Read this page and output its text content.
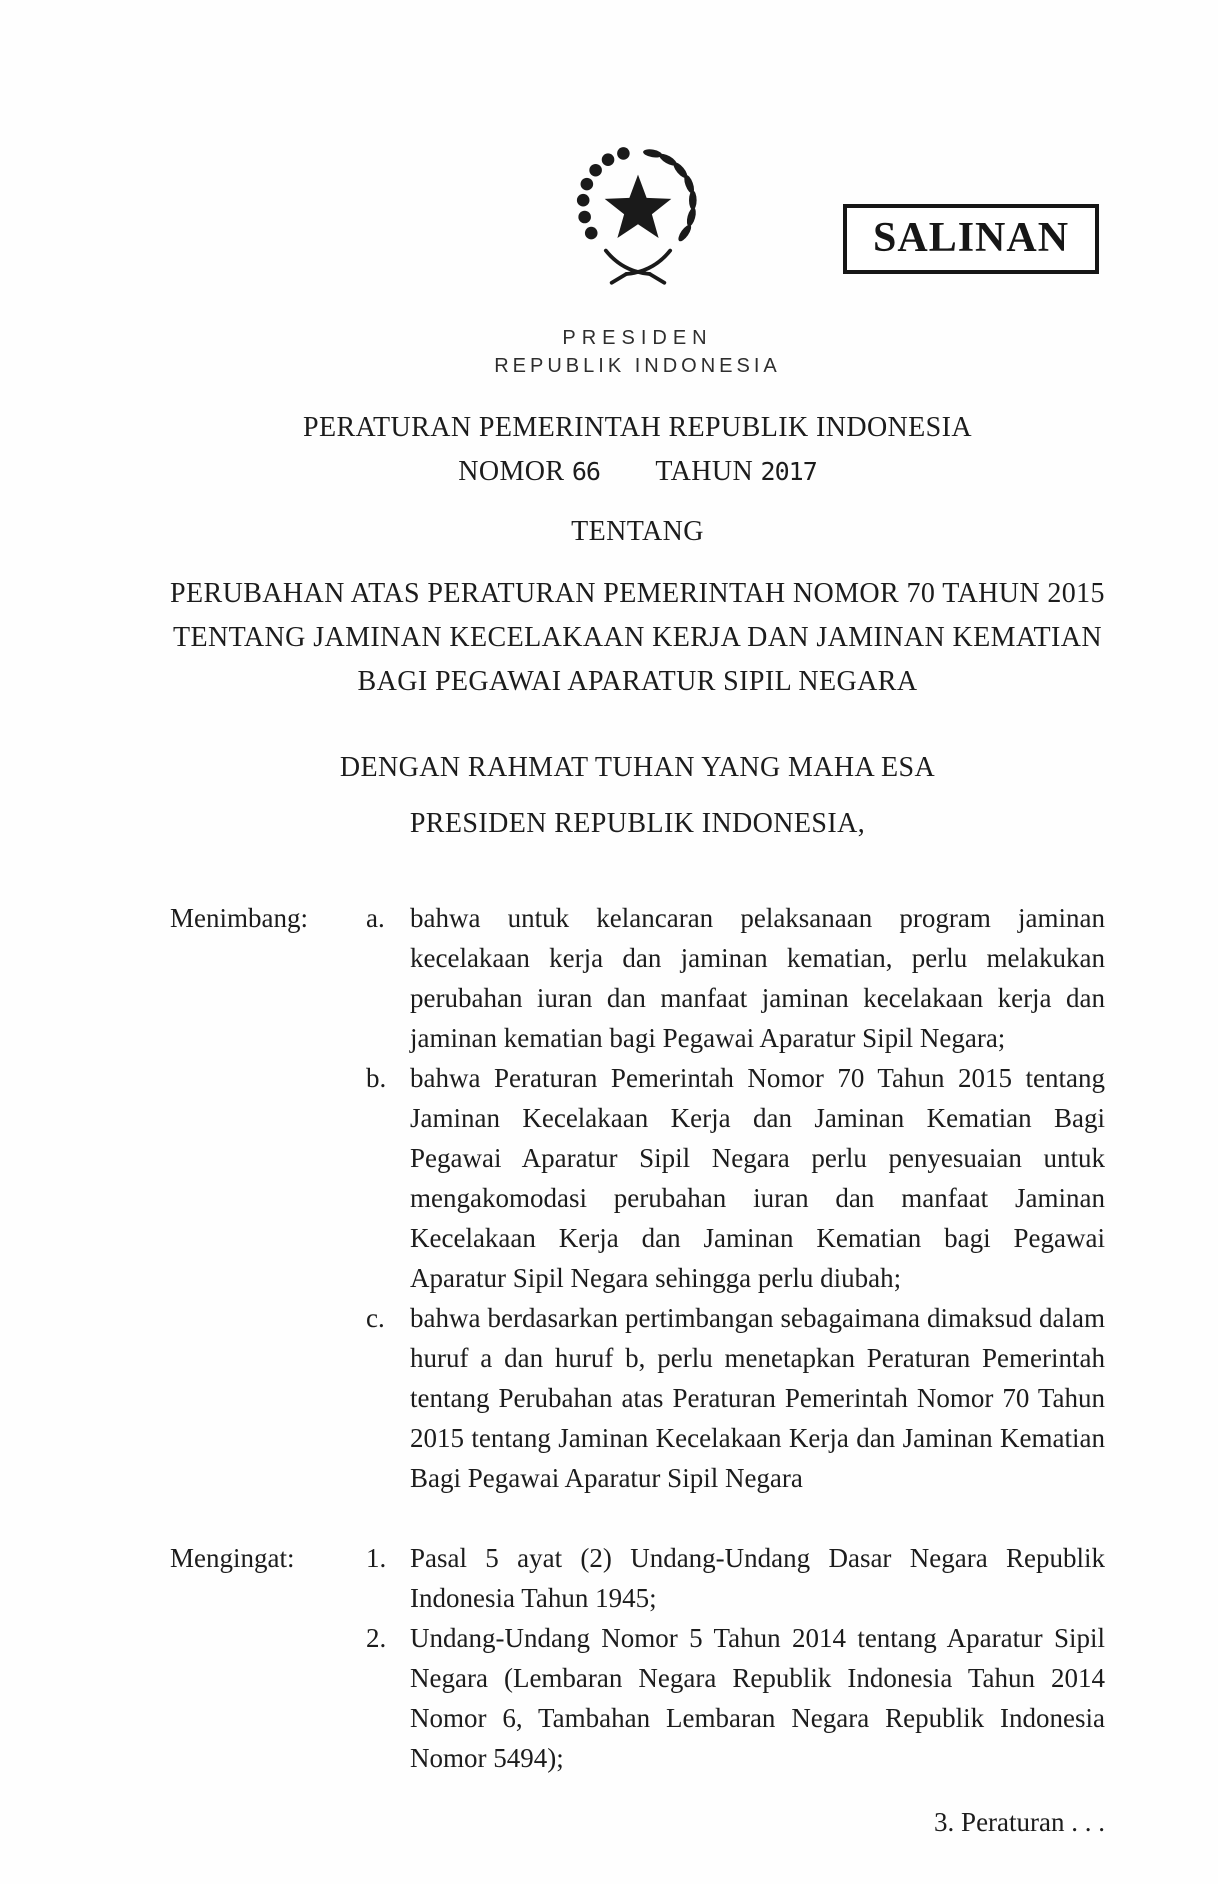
SALINAN
PRESIDEN
REPUBLIK INDONESIA
PERATURAN PEMERINTAH REPUBLIK INDONESIA
NOMOR 66 TAHUN 2017
TENTANG
PERUBAHAN ATAS PERATURAN PEMERINTAH NOMOR 70 TAHUN 2015 TENTANG JAMINAN KECELAKAAN KERJA DAN JAMINAN KEMATIAN BAGI PEGAWAI APARATUR SIPIL NEGARA
DENGAN RAHMAT TUHAN YANG MAHA ESA
PRESIDEN REPUBLIK INDONESIA,
Menimbang:	a. bahwa untuk kelancaran pelaksanaan program jaminan kecelakaan kerja dan jaminan kematian, perlu melakukan perubahan iuran dan manfaat jaminan kecelakaan kerja dan jaminan kematian bagi Pegawai Aparatur Sipil Negara;
b. bahwa Peraturan Pemerintah Nomor 70 Tahun 2015 tentang Jaminan Kecelakaan Kerja dan Jaminan Kematian Bagi Pegawai Aparatur Sipil Negara perlu penyesuaian untuk mengakomodasi perubahan iuran dan manfaat Jaminan Kecelakaan Kerja dan Jaminan Kematian bagi Pegawai Aparatur Sipil Negara sehingga perlu diubah;
c. bahwa berdasarkan pertimbangan sebagaimana dimaksud dalam huruf a dan huruf b, perlu menetapkan Peraturan Pemerintah tentang Perubahan atas Peraturan Pemerintah Nomor 70 Tahun 2015 tentang Jaminan Kecelakaan Kerja dan Jaminan Kematian Bagi Pegawai Aparatur Sipil Negara
Mengingat:	1. Pasal 5 ayat (2) Undang-Undang Dasar Negara Republik Indonesia Tahun 1945;
2. Undang-Undang Nomor 5 Tahun 2014 tentang Aparatur Sipil Negara (Lembaran Negara Republik Indonesia Tahun 2014 Nomor 6, Tambahan Lembaran Negara Republik Indonesia Nomor 5494);
3. Peraturan . . .
